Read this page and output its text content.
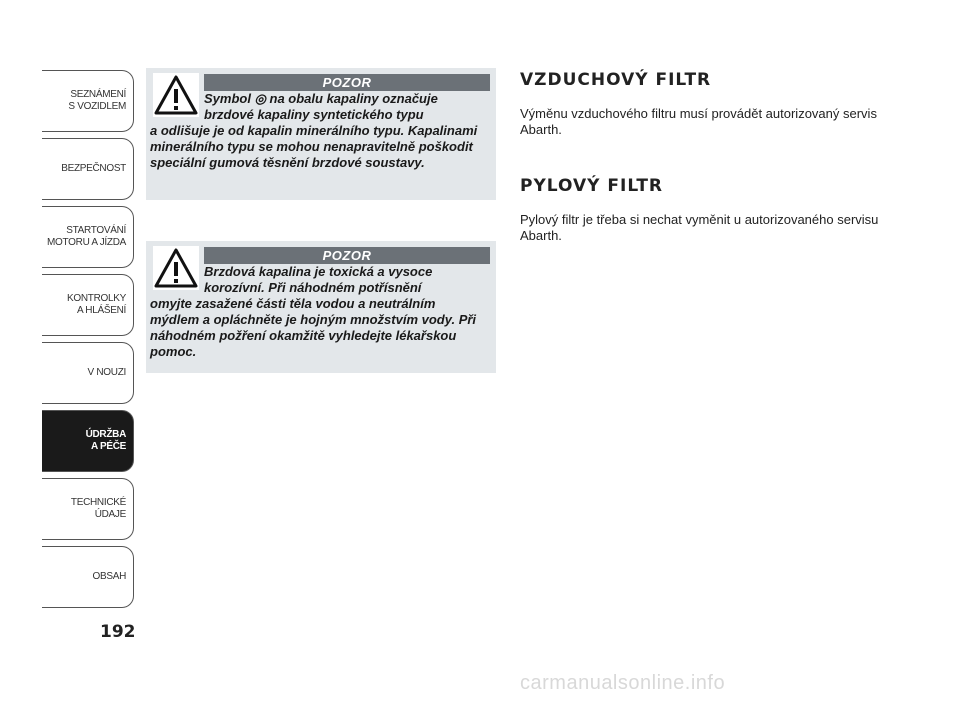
SEZNÁMENÍ
S VOZIDLEM
BEZPEČNOST
STARTOVÁNÍ
MOTORU A JÍZDA
KONTROLKY
A HLÁŠENÍ
V NOUZI
ÚDRŽBA
A PÉČE
TECHNICKÉ
ÚDAJE
OBSAH
192
POZOR
Symbol ◎ na obalu kapaliny označuje brzdové kapaliny syntetického typu
a odlišuje je od kapalin minerálního typu. Kapalinami minerálního typu se mohou nenapravitelně poškodit speciální gumová těsnění brzdové soustavy.
POZOR
Brzdová kapalina je toxická a vysoce korozívní. Při náhodném potřísnění
omyjte zasažené části těla vodou a neutrálním mýdlem a opláchněte je hojným množstvím vody. Při náhodném požření okamžitě vyhledejte lékařskou pomoc.
VZDUCHOVÝ FILTR
Výměnu vzduchového filtru musí provádět autorizovaný servis Abarth.
PYLOVÝ FILTR
Pylový filtr je třeba si nechat vyměnit u autorizovaného servisu Abarth.
carmanualsonline.info
